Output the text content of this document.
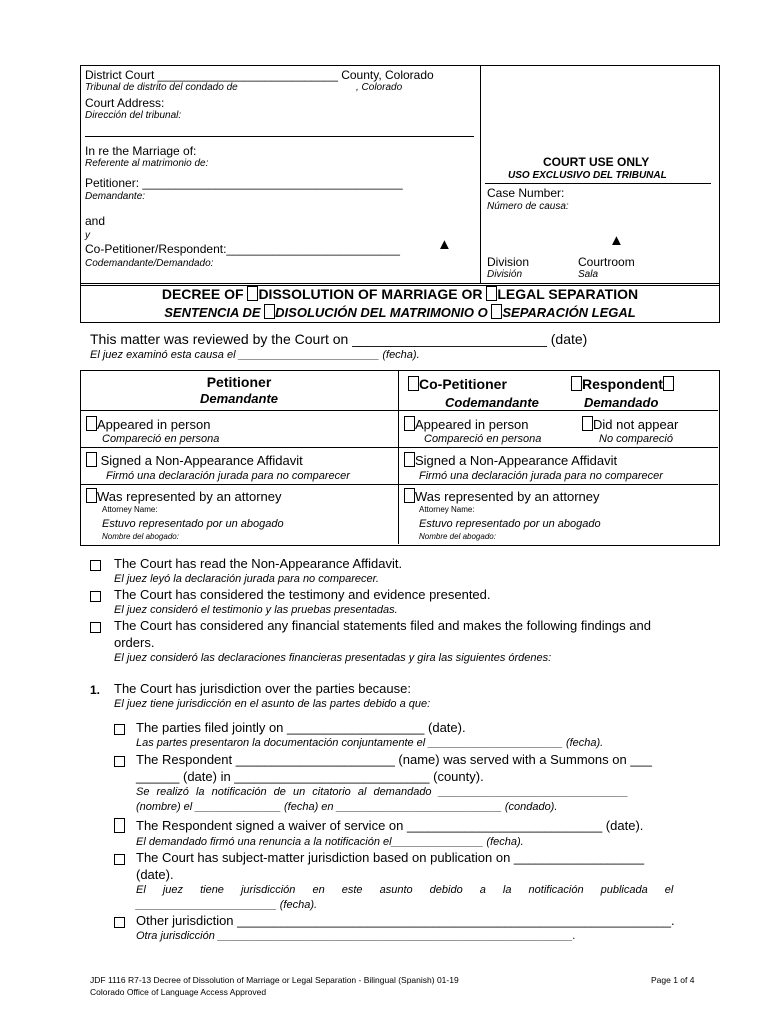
District Court ___________________________ County, Colorado
Tribunal de distrito del condado de	, Colorado
Court Address:
Dirección del tribunal:
In re the Marriage of:
Referente al matrimonio de:
Petitioner: _______________________________________
Demandante:
and
y
Co-Petitioner/Respondent:__________________________
Codemandante/Demandado:
▲
COURT USE ONLY
USO EXCLUSIVO DEL TRIBUNAL
Case Number:
Número de causa:
▲
Division
División
Courtroom
Sala
DECREE OF DISSOLUTION OF MARRIAGE OR LEGAL SEPARATION
SENTENCIA DE DISOLUCIÓN DEL MATRIMONIO O SEPARACIÓN LEGAL
This matter was reviewed by the Court on _________________________ (date)
El juez examinó esta causa el _______________________ (fecha).
Petitioner
Demandante
Co-Petitioner
Codemandante
Respondent
Demandado
Appeared in person
Compareció en persona
Appeared in person
Compareció en persona
Did not appear
No compareció
Signed a Non-Appearance Affidavit
Firmó una declaración jurada para no comparecer
Signed a Non-Appearance Affidavit
Firmó una declaración jurada para no comparecer
Was represented by an attorney
Attorney Name:
Estuvo representado por un abogado
Nombre del abogado:
Was represented by an attorney
Attorney Name:
Estuvo representado por un abogado
Nombre del abogado:
The Court has read the Non-Appearance Affidavit.
El juez leyó la declaración jurada para no comparecer.
The Court has considered the testimony and evidence presented.
El juez consideró el testimonio y las pruebas presentadas.
The Court has considered any financial statements filed and makes the following findings and
orders.
El juez consideró las declaraciones financieras presentadas y gira las siguientes órdenes:
1. The Court has jurisdiction over the parties because:
El juez tiene jurisdicción en el asunto de las partes debido a que:
The parties filed jointly on ___________________ (date).
Las partes presentaron la documentación conjuntamente el ______________________ (fecha).
The Respondent ______________________ (name) was served with a Summons on ___
______ (date) in ___________________________ (county).
Se realizó la notificación de un citatorio al demandado _______________________________
(nombre) el ______________ (fecha) en ___________________________ (condado).
The Respondent signed a waiver of service on ___________________________ (date).
El demandado firmó una renuncia a la notificación el_______________ (fecha).
The Court has subject-matter jurisdiction based on publication on __________________
(date).
El juez tiene jurisdicción en este asunto debido a la notificación publicada el
_______________________ (fecha).
Other jurisdiction ____________________________________________________________.
Otra jurisdicción __________________________________________________________.
JDF 1116 R7-13 Decree of Dissolution of Marriage or Legal Separation - Bilingual (Spanish) 01-19
Colorado Office of Language Access Approved
Page 1 of 4
